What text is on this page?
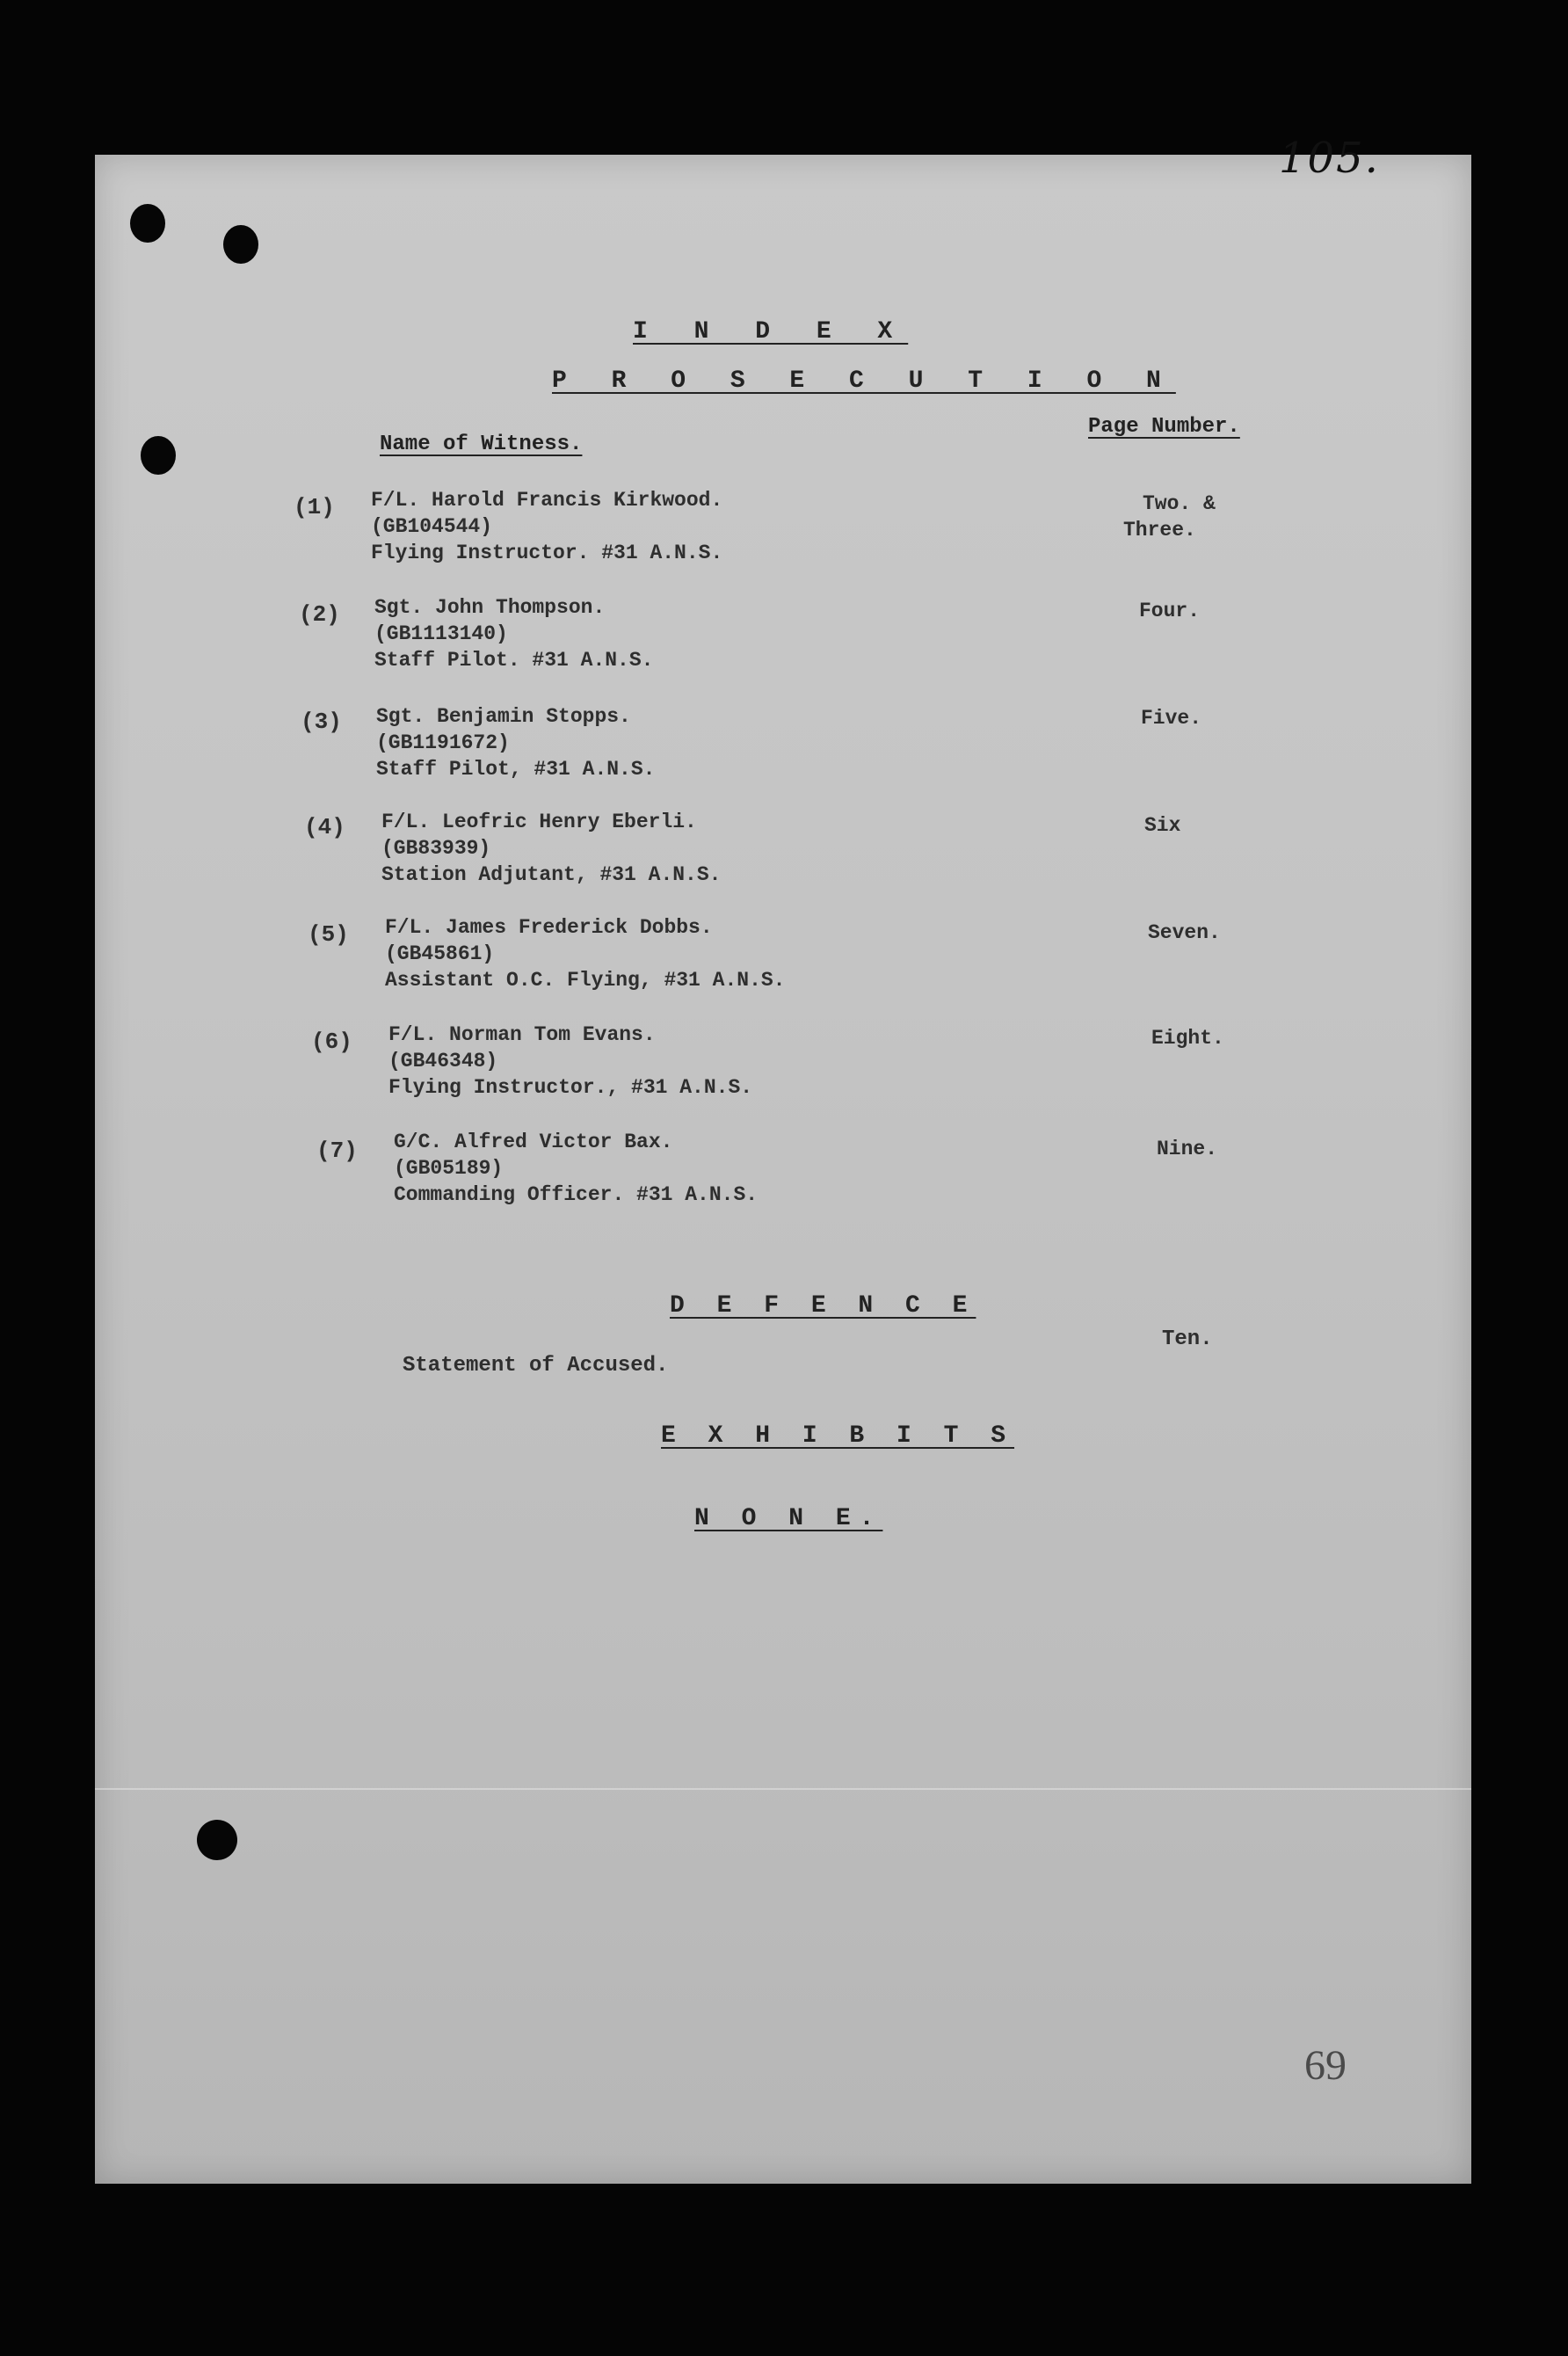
105.
I N D E X
P R O S E C U T I O N
Name of Witness.
Page Number.
(1) F/L. Harold Francis Kirkwood.
(GB104544)
Flying Instructor. #31 A.N.S.
Two. &
Three.
(2) Sgt. John Thompson.
(GB1113140)
Staff Pilot. #31 A.N.S.
Four.
(3) Sgt. Benjamin Stopps.
(GB1191672)
Staff Pilot, #31 A.N.S.
Five.
(4) F/L. Leofric Henry Eberli.
(GB83939)
Station Adjutant, #31 A.N.S.
Six
(5) F/L. James Frederick Dobbs.
(GB45861)
Assistant O.C. Flying, #31 A.N.S.
Seven.
(6) F/L. Norman Tom Evans.
(GB46348)
Flying Instructor., #31 A.N.S.
Eight.
(7) G/C. Alfred Victor Bax.
(GB05189)
Commanding Officer. #31 A.N.S.
Nine.
D E F E N C E
Statement of Accused.
Ten.
E X H I B I T S
N O N E.
69
